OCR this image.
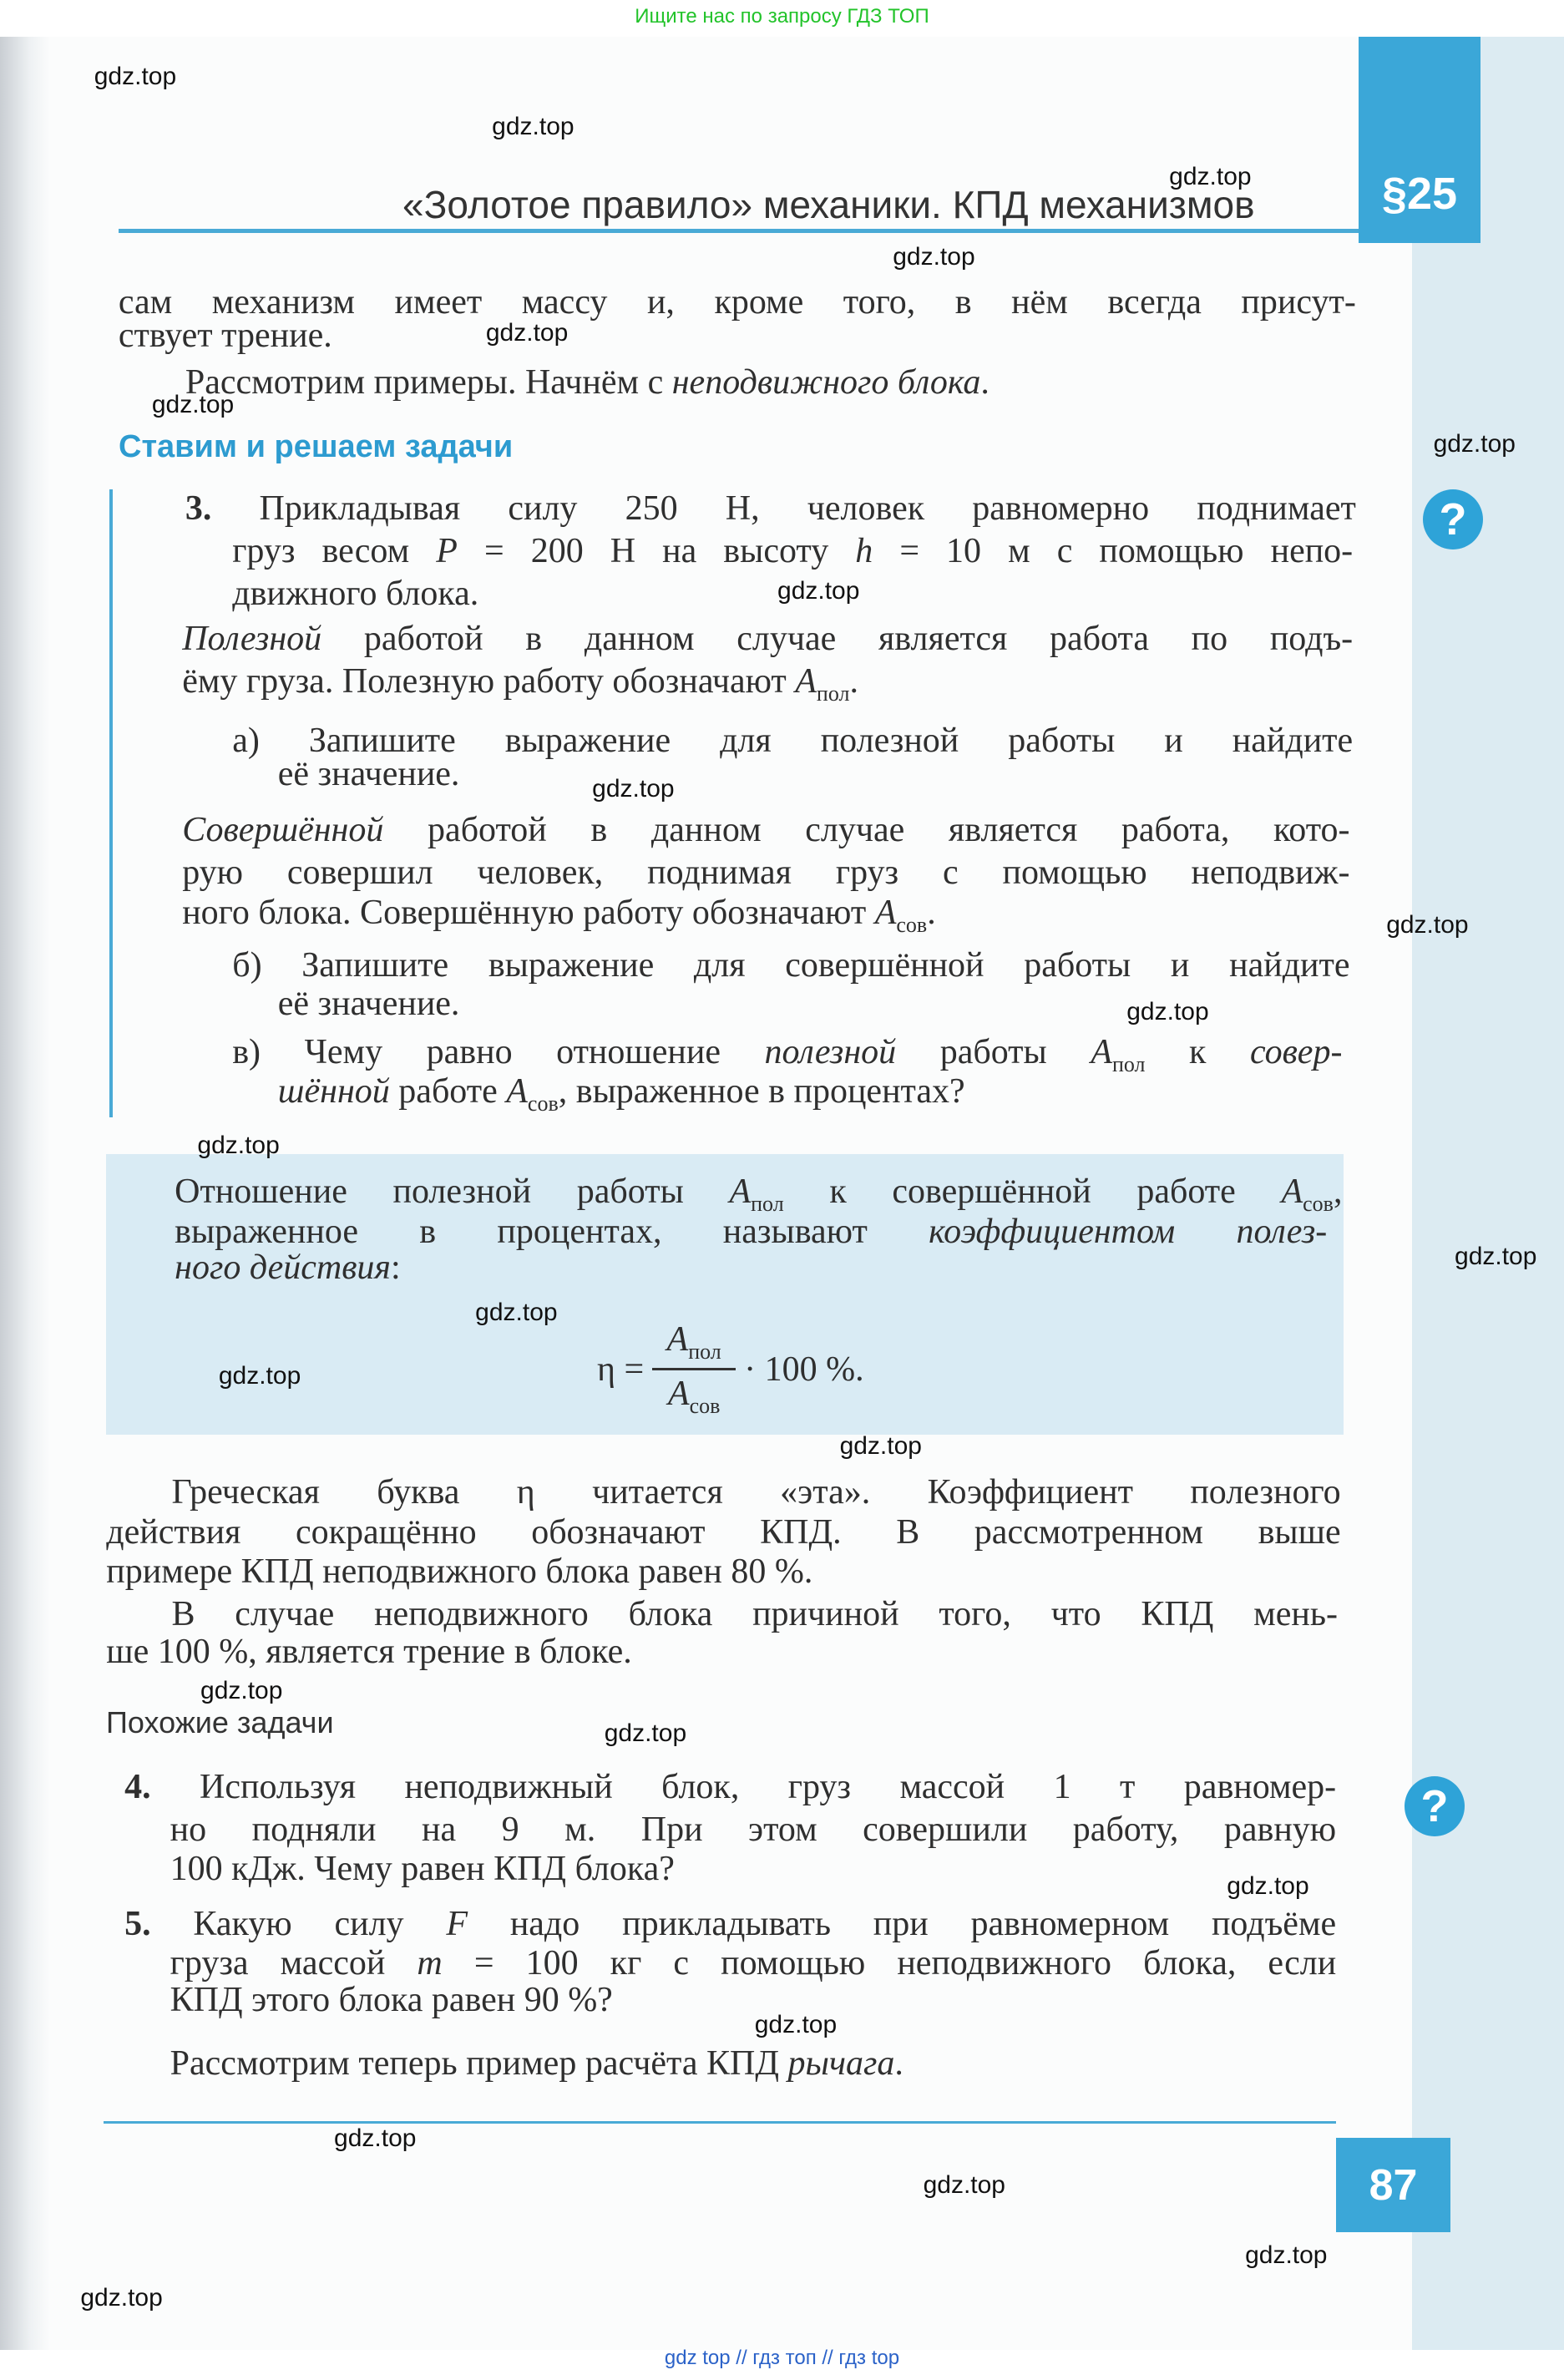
Ищите нас по запросу ГДЗ ТОП
«Золотое правило» механики. КПД механизмов	§25
Ставим и решаем задачи
Похожие задачи
сам механизм имеет массу и, кроме того, в нём всегда присут-
ствует трение.
Рассмотрим примеры. Начнём с неподвижного блока.
3. Прикладывая силу 250 Н, человек равномерно поднимает
груз весом P = 200 Н на высоту h = 10 м с помощью непо-
движного блока.
Полезной работой в данном случае является работа по подъ-
ёму груза. Полезную работу обозначают $A_{пол}$.
а) Запишите выражение для полезной работы и найдите
её значение.
Совершённой работой в данном случае является работа, кото-
рую совершил человек, поднимая груз с помощью неподвиж-
ного блока. Совершённую работу обозначают $A_{сов}$.
б) Запишите выражение для совершённой работы и найдите
её значение.
в) Чему равно отношение полезной работы $A_{пол}$ к совер-
шённой работе $A_{сов}$, выраженное в процентах?
Отношение полезной работы $A_{пол}$ к совершённой работе $A_{сов}$,
выраженное в процентах, называют коэффициентом полез-
ного действия:
Греческая буква η читается «эта». Коэффициент полезного
действия сокращённо обозначают КПД. В рассмотренном выше
примере КПД неподвижного блока равен 80 %.
В случае неподвижного блока причиной того, что КПД мень-
ше 100 %, является трение в блоке.
4. Используя неподвижный блок, груз массой 1 т равномер-
но подняли на 9 м. При этом совершили работу, равную
100 кДж. Чему равен КПД блока?
5. Какую силу F надо прикладывать при равномерном подъёме
груза массой m = 100 кг с помощью неподвижного блока, если
КПД этого блока равен 90 %?
Рассмотрим теперь пример расчёта КПД рычага.
$\eta = \frac{A_{пол}}{A_{сов}} \cdot 100$ %.
?
?
87
gdz.top
gdz.top
gdz.top
gdz.top
gdz.top
gdz.top
gdz.top
gdz.top
gdz.top
gdz.top
gdz.top
gdz.top
gdz.top
gdz.top
gdz.top
gdz.top
gdz.top
gdz.top
gdz.top
gdz.top
gdz.top
gdz.top
gdz.top
gdz.top
gdz top // гдз топ // гдз top
